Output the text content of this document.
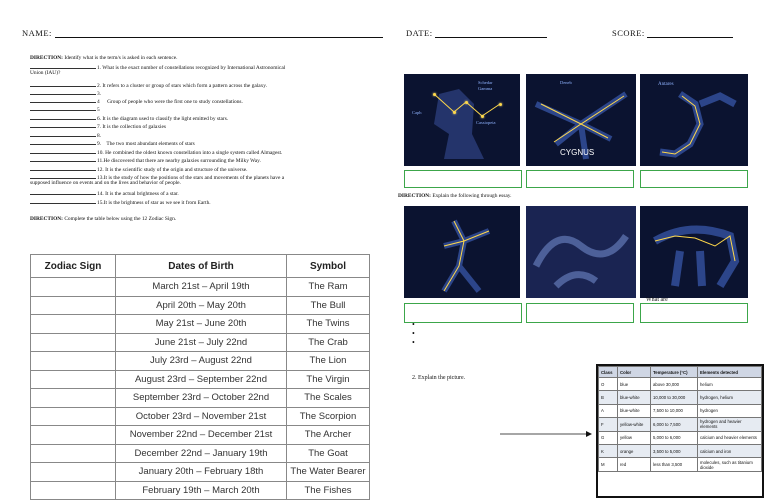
NAME:	DATE:	SCORE:
DIRECTION: Identify what is the term/s is asked in each sentence.
1. What is the exact number of constellations recognized by International Astronomical
Union (IAU)?
2. It refers to a cluster or group of stars which form a pattern across the galaxy.
3.
4 Group of people who were the first one to study constellations.
5
6. It is the diagram used to classify the light emitted by stars.
7. It is the collection of galaxies
8.
9. The two most abundant elements of stars
10. He combined the oldest known constellation into a single system called Almagest.
11.He discovered that there are nearby galaxies surrounding the Milky Way.
12. It is the scientific study of the origin and structure of the universe.
13.It is the study of how the positions of the stars and movements of the planets have a
supposed influence on events and on the lives and behavior of people.
14. It is the actual brightness of a star.
15.It is the brightness of star as we see it from Earth.
DIRECTION: Complete the table below using the 12 Zodiac Sign.
Zodiac Sign	Dates of Birth	Symbol
	March 21st – April 19th	The Ram
	April 20th – May 20th	The Bull
	May 21st – June 20th	The Twins
	June 21st – July 22nd	The Crab
	July 23rd – August 22nd	The Lion
	August 23rd – September 22nd	The Virgin
	September 23rd – October 22nd	The Scales
	October 23rd – November 21st	The Scorpion
	November 22nd – December 21st	The Archer
	December 22nd – January 19th	The Goat
	January 20th – February 18th	The Water Bearer
	February 19th – March 20th	The Fishes
Schedar
Gamma
Caph
Cassiopeia
Deneb
CYGNUS
Antares
DIRECTION: Explain the following through essay.
What are
•
•
•
2. Explain the picture.
Class	Color	Temperature (°C)	Elements detected
O	blue	above 30,000	helium
B	blue-white	10,000 to 30,000	hydrogen, helium
A	blue-white	7,500 to 10,000	hydrogen
F	yellow-white	6,000 to 7,500	hydrogen and heavier elements
G	yellow	5,000 to 6,000	calcium and heavier elements
K	orange	3,500 to 5,000	calcium and iron
M	red	less than 3,500	molecules, such as titanium dioxide
